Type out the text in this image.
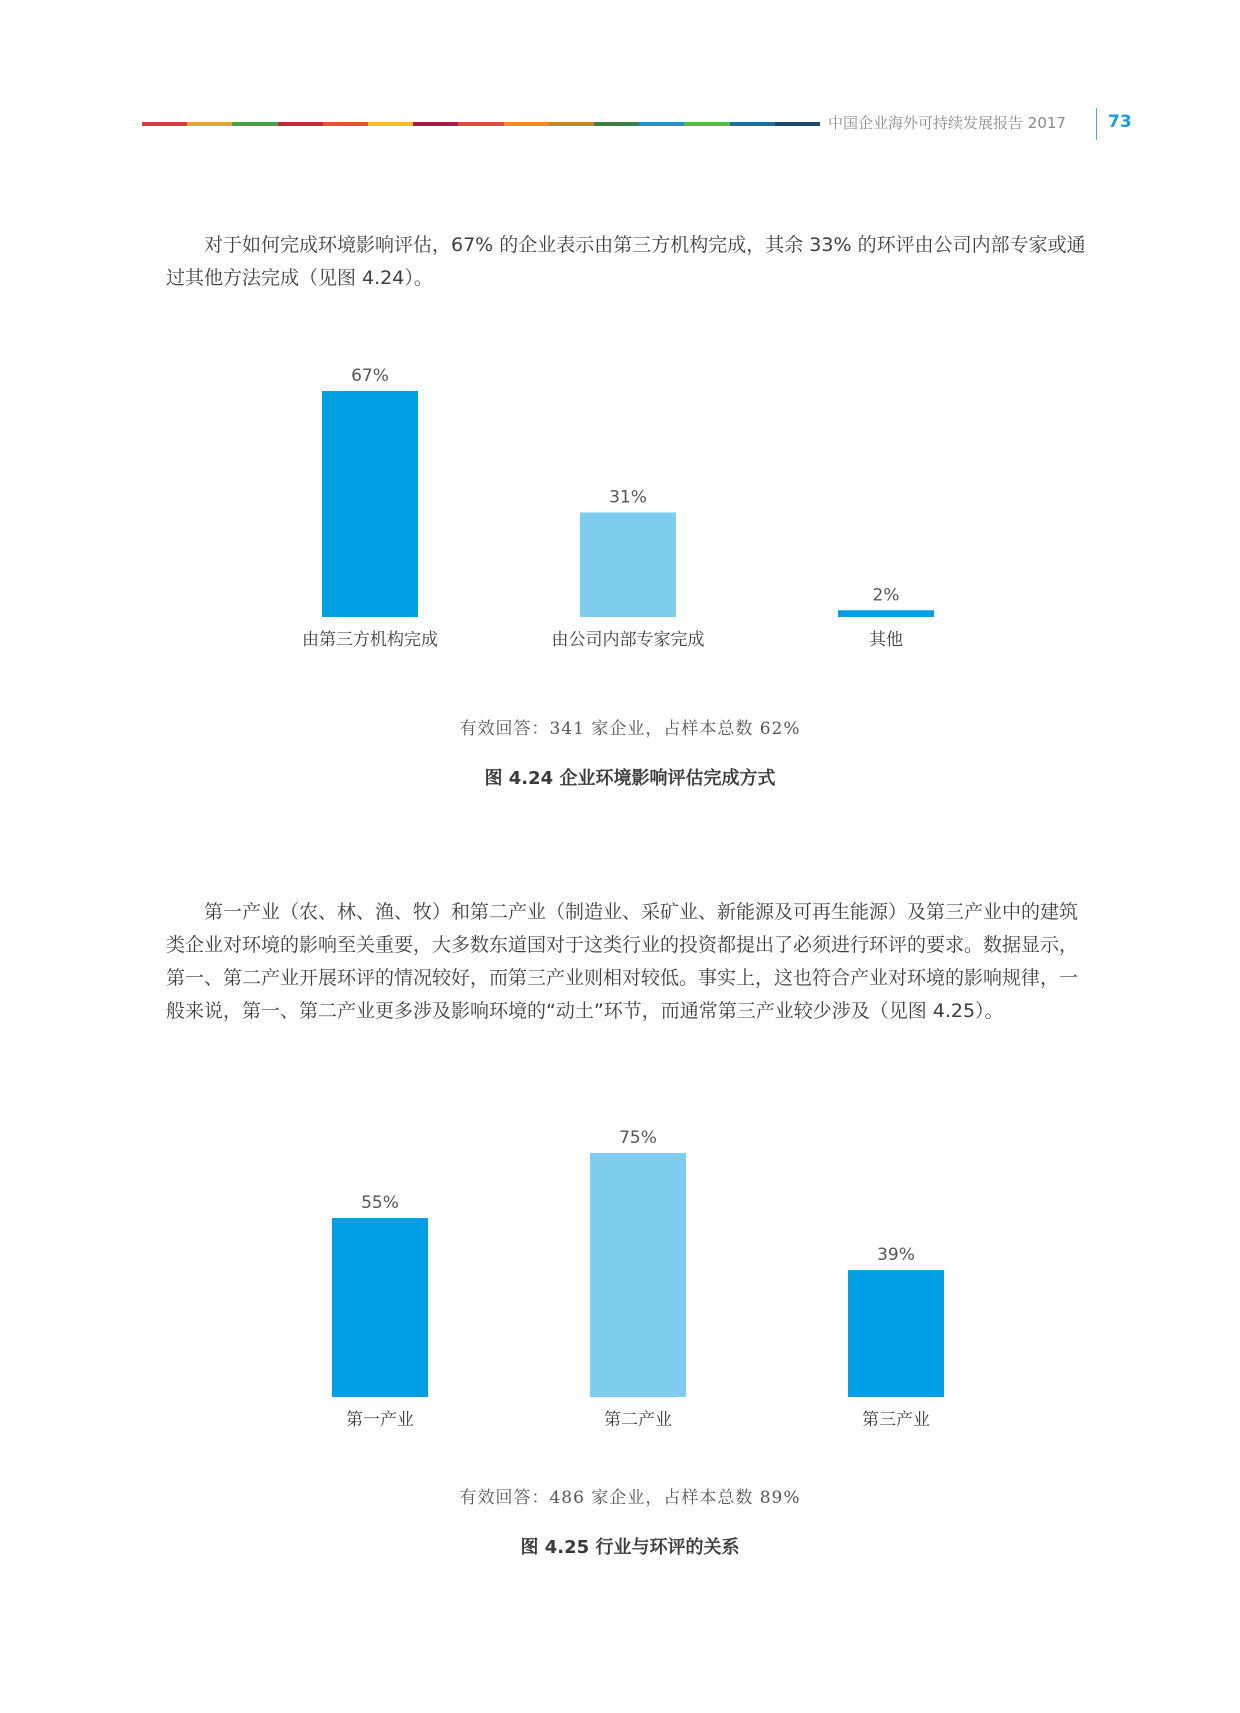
中国企业海外可持续发展报告 2017 73

对于如何完成环境影响评估，67% 的企业表示由第三方机构完成，其余 33% 的环评由公司内部专家或通过其他方法完成（见图 4.24）。

67%
由第三方机构完成
31%
由公司内部专家完成
2%
其他
有效回答：341 家企业，占样本总数 62%
图 4.24 企业环境影响评估完成方式

第一产业（农、林、渔、牧）和第二产业（制造业、采矿业、新能源及可再生能源）及第三产业中的建筑类企业对环境的影响至关重要，大多数东道国对于这类行业的投资都提出了必须进行环评的要求。数据显示，第一、第二产业开展环评的情况较好，而第三产业则相对较低。事实上，这也符合产业对环境的影响规律，一般来说，第一、第二产业更多涉及影响环境的“动土”环节，而通常第三产业较少涉及（见图 4.25）。

55%
第一产业
75%
第二产业
39%
第三产业
有效回答：486 家企业，占样本总数 89%
图 4.25 行业与环评的关系
